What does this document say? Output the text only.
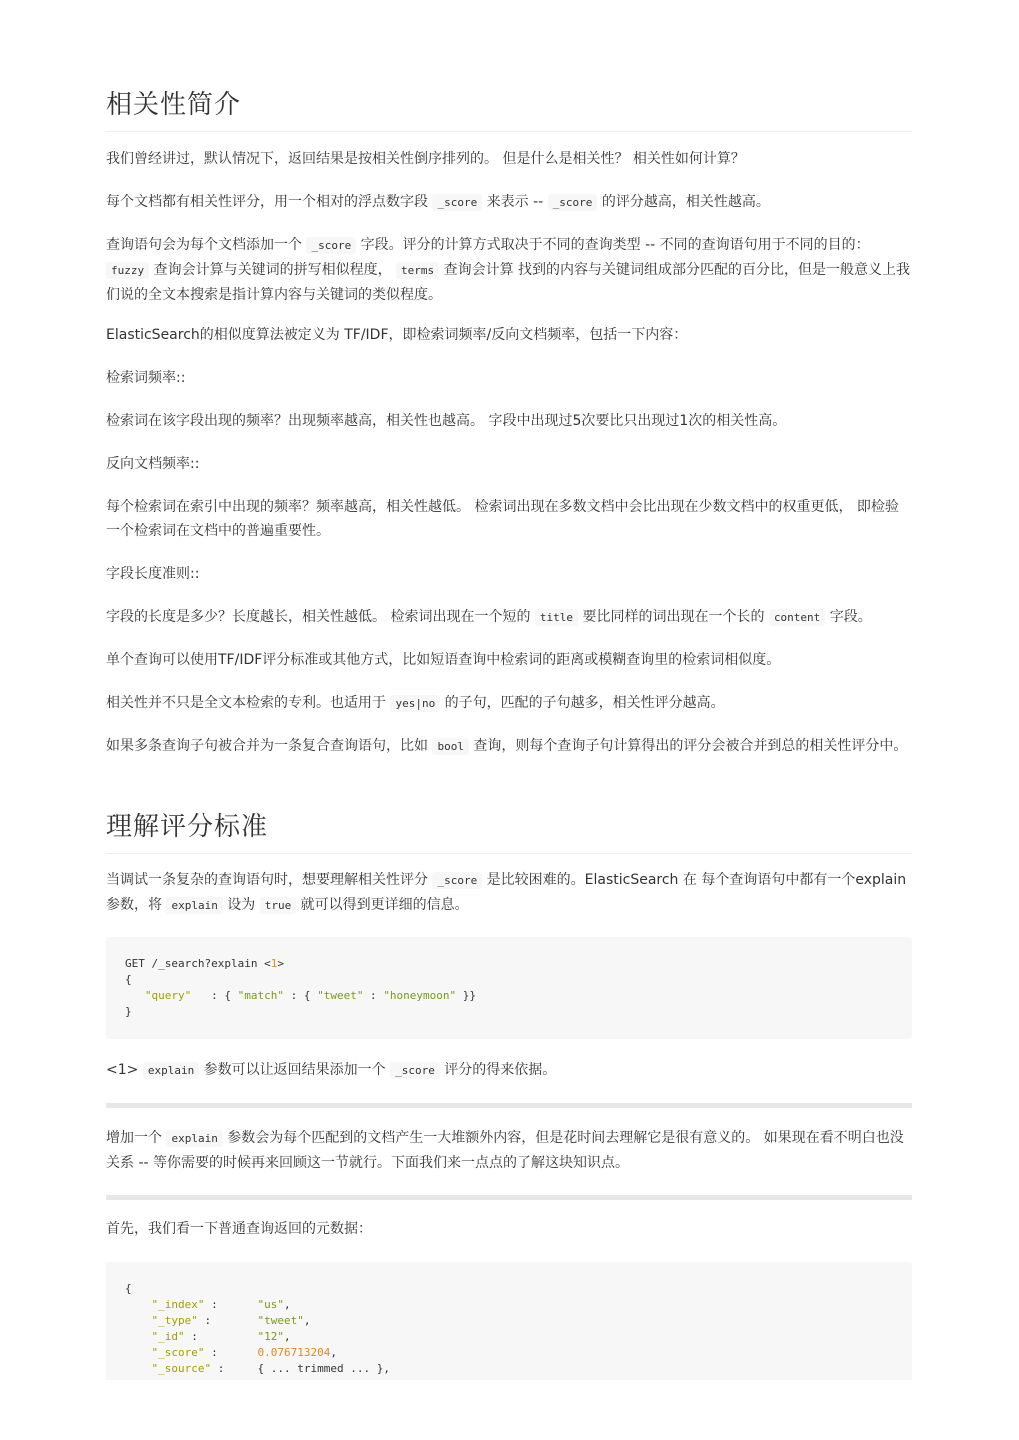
相关性简介

我们曾经讲过，默认情况下，返回结果是按相关性倒序排列的。 但是什么是相关性？ 相关性如何计算？

每个文档都有相关性评分，用一个相对的浮点数字段 _score 来表示 -- _score 的评分越高，相关性越高。

查询语句会为每个文档添加一个 _score 字段。评分的计算方式取决于不同的查询类型 -- 不同的查询语句用于不同的目的： fuzzy 查询会计算与关键词的拼写相似程度， terms 查询会计算 找到的内容与关键词组成部分匹配的百分比，但是一般意义上我们说的全文本搜索是指计算内容与关键词的类似程度。

ElasticSearch的相似度算法被定义为 TF/IDF，即检索词频率/反向文档频率，包括一下内容：

检索词频率::

检索词在该字段出现的频率？出现频率越高，相关性也越高。 字段中出现过5次要比只出现过1次的相关性高。

反向文档频率::

每个检索词在索引中出现的频率？频率越高，相关性越低。 检索词出现在多数文档中会比出现在少数文档中的权重更低， 即检验一个检索词在文档中的普遍重要性。

字段长度准则::

字段的长度是多少？长度越长，相关性越低。 检索词出现在一个短的 title 要比同样的词出现在一个长的 content 字段。

单个查询可以使用TF/IDF评分标准或其他方式，比如短语查询中检索词的距离或模糊查询里的检索词相似度。

相关性并不只是全文本检索的专利。也适用于 yes|no 的子句，匹配的子句越多，相关性评分越高。

如果多条查询子句被合并为一条复合查询语句，比如 bool 查询，则每个查询子句计算得出的评分会被合并到总的相关性评分中。

理解评分标准

当调试一条复杂的查询语句时，想要理解相关性评分 _score 是比较困难的。ElasticSearch 在 每个查询语句中都有一个explain参数，将 explain 设为 true 就可以得到更详细的信息。

GET /_search?explain <1>
{
"query"   : { "match" : { "tweet" : "honeymoon" }}
}

<1> explain 参数可以让返回结果添加一个 _score 评分的得来依据。

增加一个 explain 参数会为每个匹配到的文档产生一大堆额外内容，但是花时间去理解它是很有意义的。 如果现在看不明白也没关系 -- 等你需要的时候再来回顾这一节就行。下面我们来一点点的了解这块知识点。

首先，我们看一下普通查询返回的元数据：

{
"_index" :	"us",
"_type" :	"tweet",
"_id" :	"12",
"_score" :	0.076713204,
"_source" :	{ ... trimmed ... },
